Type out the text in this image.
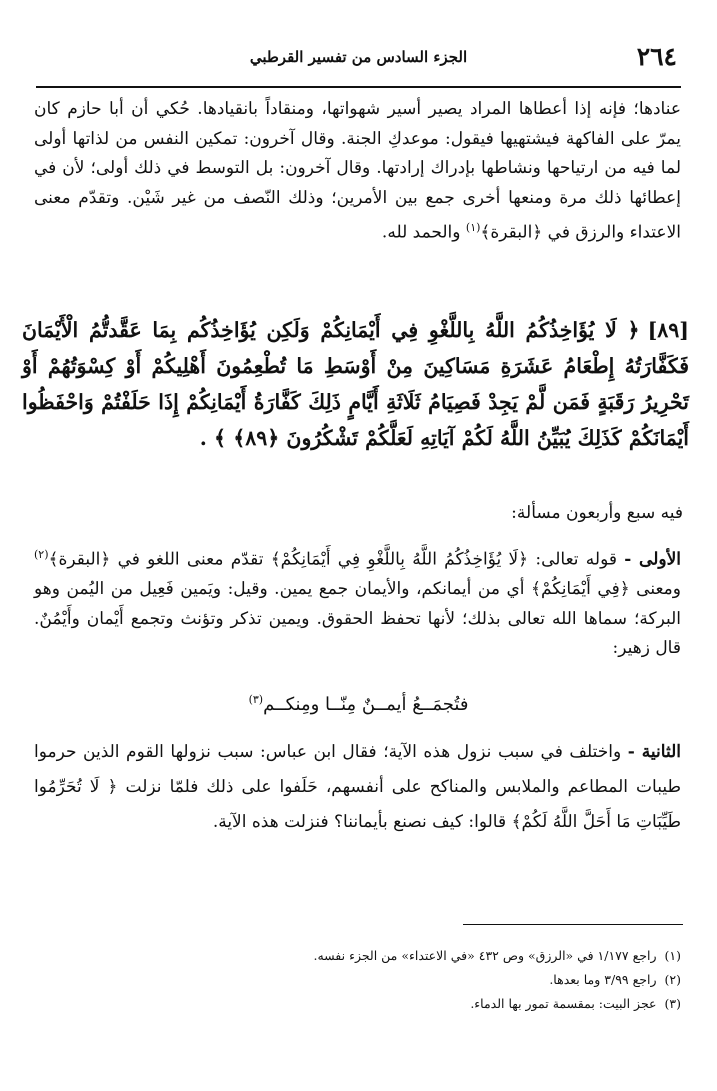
٢٦٤
الجزء السادس من تفسير القرطبي

عنادها؛ فإنه إذا أعطاها المراد يصير أسير شهواتها، ومنقاداً بانقيادها. حُكي أن أبا حازم كان يمرّ على الفاكهة فيشتهيها فيقول: موعدكِ الجنة. وقال آخرون: تمكين النفس من لذاتها أولى لما فيه من ارتياحها ونشاطها بإدراك إرادتها. وقال آخرون: بل التوسط في ذلك أولى؛ لأن في إعطائها ذلك مرة ومنعها أخرى جمع بين الأمرين؛ وذلك النّصف من غير شَيْن. وتقدّم معنى الاعتداء والرزق في ﴿البقرة﴾$^{(١)}$ والحمد لله.

[٨٩]﴿ لَا يُؤَاخِذُكُمُ اللَّهُ بِاللَّغْوِ فِي أَيْمَانِكُمْ وَلَكِن يُؤَاخِذُكُم بِمَا عَقَّدتُّمُ الْأَيْمَانَ فَكَفَّارَتُهُ إِطْعَامُ عَشَرَةِ مَسَاكِينَ مِنْ أَوْسَطِ مَا تُطْعِمُونَ أَهْلِيكُمْ أَوْ كِسْوَتُهُمْ أَوْ تَحْرِيرُ رَقَبَةٍ فَمَن لَّمْ يَجِدْ فَصِيَامُ ثَلَاثَةِ أَيَّامٍ ذَلِكَ كَفَّارَةُ أَيْمَانِكُمْ إِذَا حَلَفْتُمْ وَاحْفَظُوا أَيْمَانَكُمْ كَذَلِكَ يُبَيِّنُ اللَّهُ لَكُمْ آيَاتِهِ لَعَلَّكُمْ تَشْكُرُونَ ﴿٨٩﴾ ﴾ .

فيه سبع وأربعون مسألة:

الأولى - قوله تعالى: ﴿لَا يُؤَاخِذُكُمُ اللَّهُ بِاللَّغْوِ فِي أَيْمَانِكُمْ﴾ تقدّم معنى اللغو في ﴿البقرة﴾$^{(٢)}$ ومعنى ﴿فِي أَيْمَانِكُمْ﴾ أي من أيمانكم، والأيمان جمع يمين. وقيل: ويَمين فَعِيل من اليُمن وهو البركة؛ سماها الله تعالى بذلك؛ لأنها تحفظ الحقوق. ويمين تذكر وتؤنث وتجمع أَيْمان وأَيْمُنٌ. قال زهير:

فتُجمَــعُ أيمــنٌ مِنّــا ومِنكــم$^{(٣)}$

الثانية - واختلف في سبب نزول هذه الآية؛ فقال ابن عباس: سبب نزولها القوم الذين حرموا طيبات المطاعم والملابس والمناكح على أنفسهم، حَلَفوا على ذلك فلمّا نزلت ﴿ لَا تُحَرِّمُوا طَيِّبَاتِ مَا أَحَلَّ اللَّهُ لَكُمْ﴾ قالوا: كيف نصنع بأيماننا؟ فنزلت هذه الآية.

(١)راجع ١/١٧٧ في «الرزق» وص ٤٣٢ «في الاعتداء» من الجزء نفسه.
(٢)راجع ٣/٩٩ وما بعدها.
(٣)عجز البيت: بمقسمة تمور بها الدماء.
